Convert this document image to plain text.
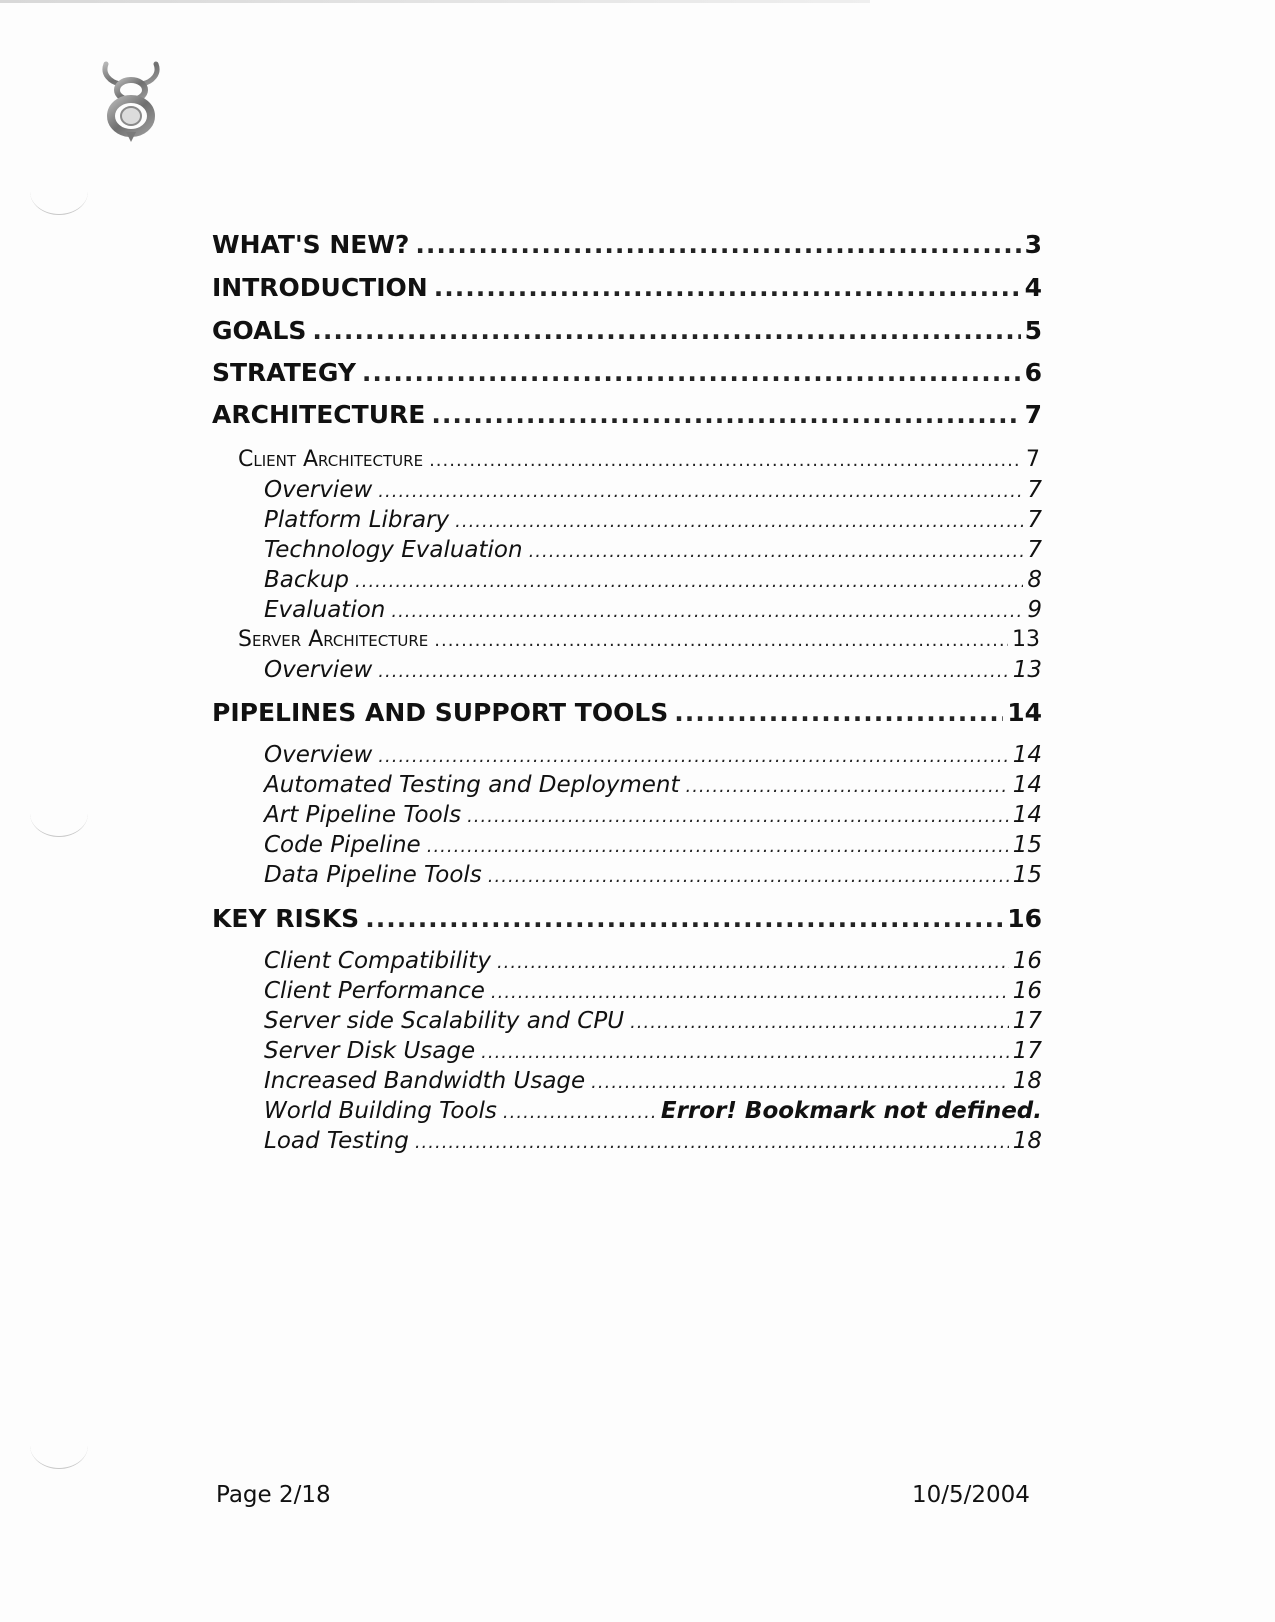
WHAT'S NEW? .....	3
INTRODUCTION .....	4
GOALS .....	5
STRATEGY .....	6
ARCHITECTURE .....	7
Client Architecture .....	7
Overview .....	7
Platform Library .....	7
Technology Evaluation .....	7
Backup .....	8
Evaluation .....	9
Server Architecture .....	13
Overview .....	13
PIPELINES AND SUPPORT TOOLS .....	14
Overview .....	14
Automated Testing and Deployment .....	14
Art Pipeline Tools .....	14
Code Pipeline .....	15
Data Pipeline Tools .....	15
KEY RISKS .....	16
Client Compatibility .....	16
Client Performance .....	16
Server side Scalability and CPU .....	17
Server Disk Usage .....	17
Increased Bandwidth Usage .....	18
World Building Tools .....	Error! Bookmark not defined.
Load Testing .....	18
Page 2/18	10/5/2004
